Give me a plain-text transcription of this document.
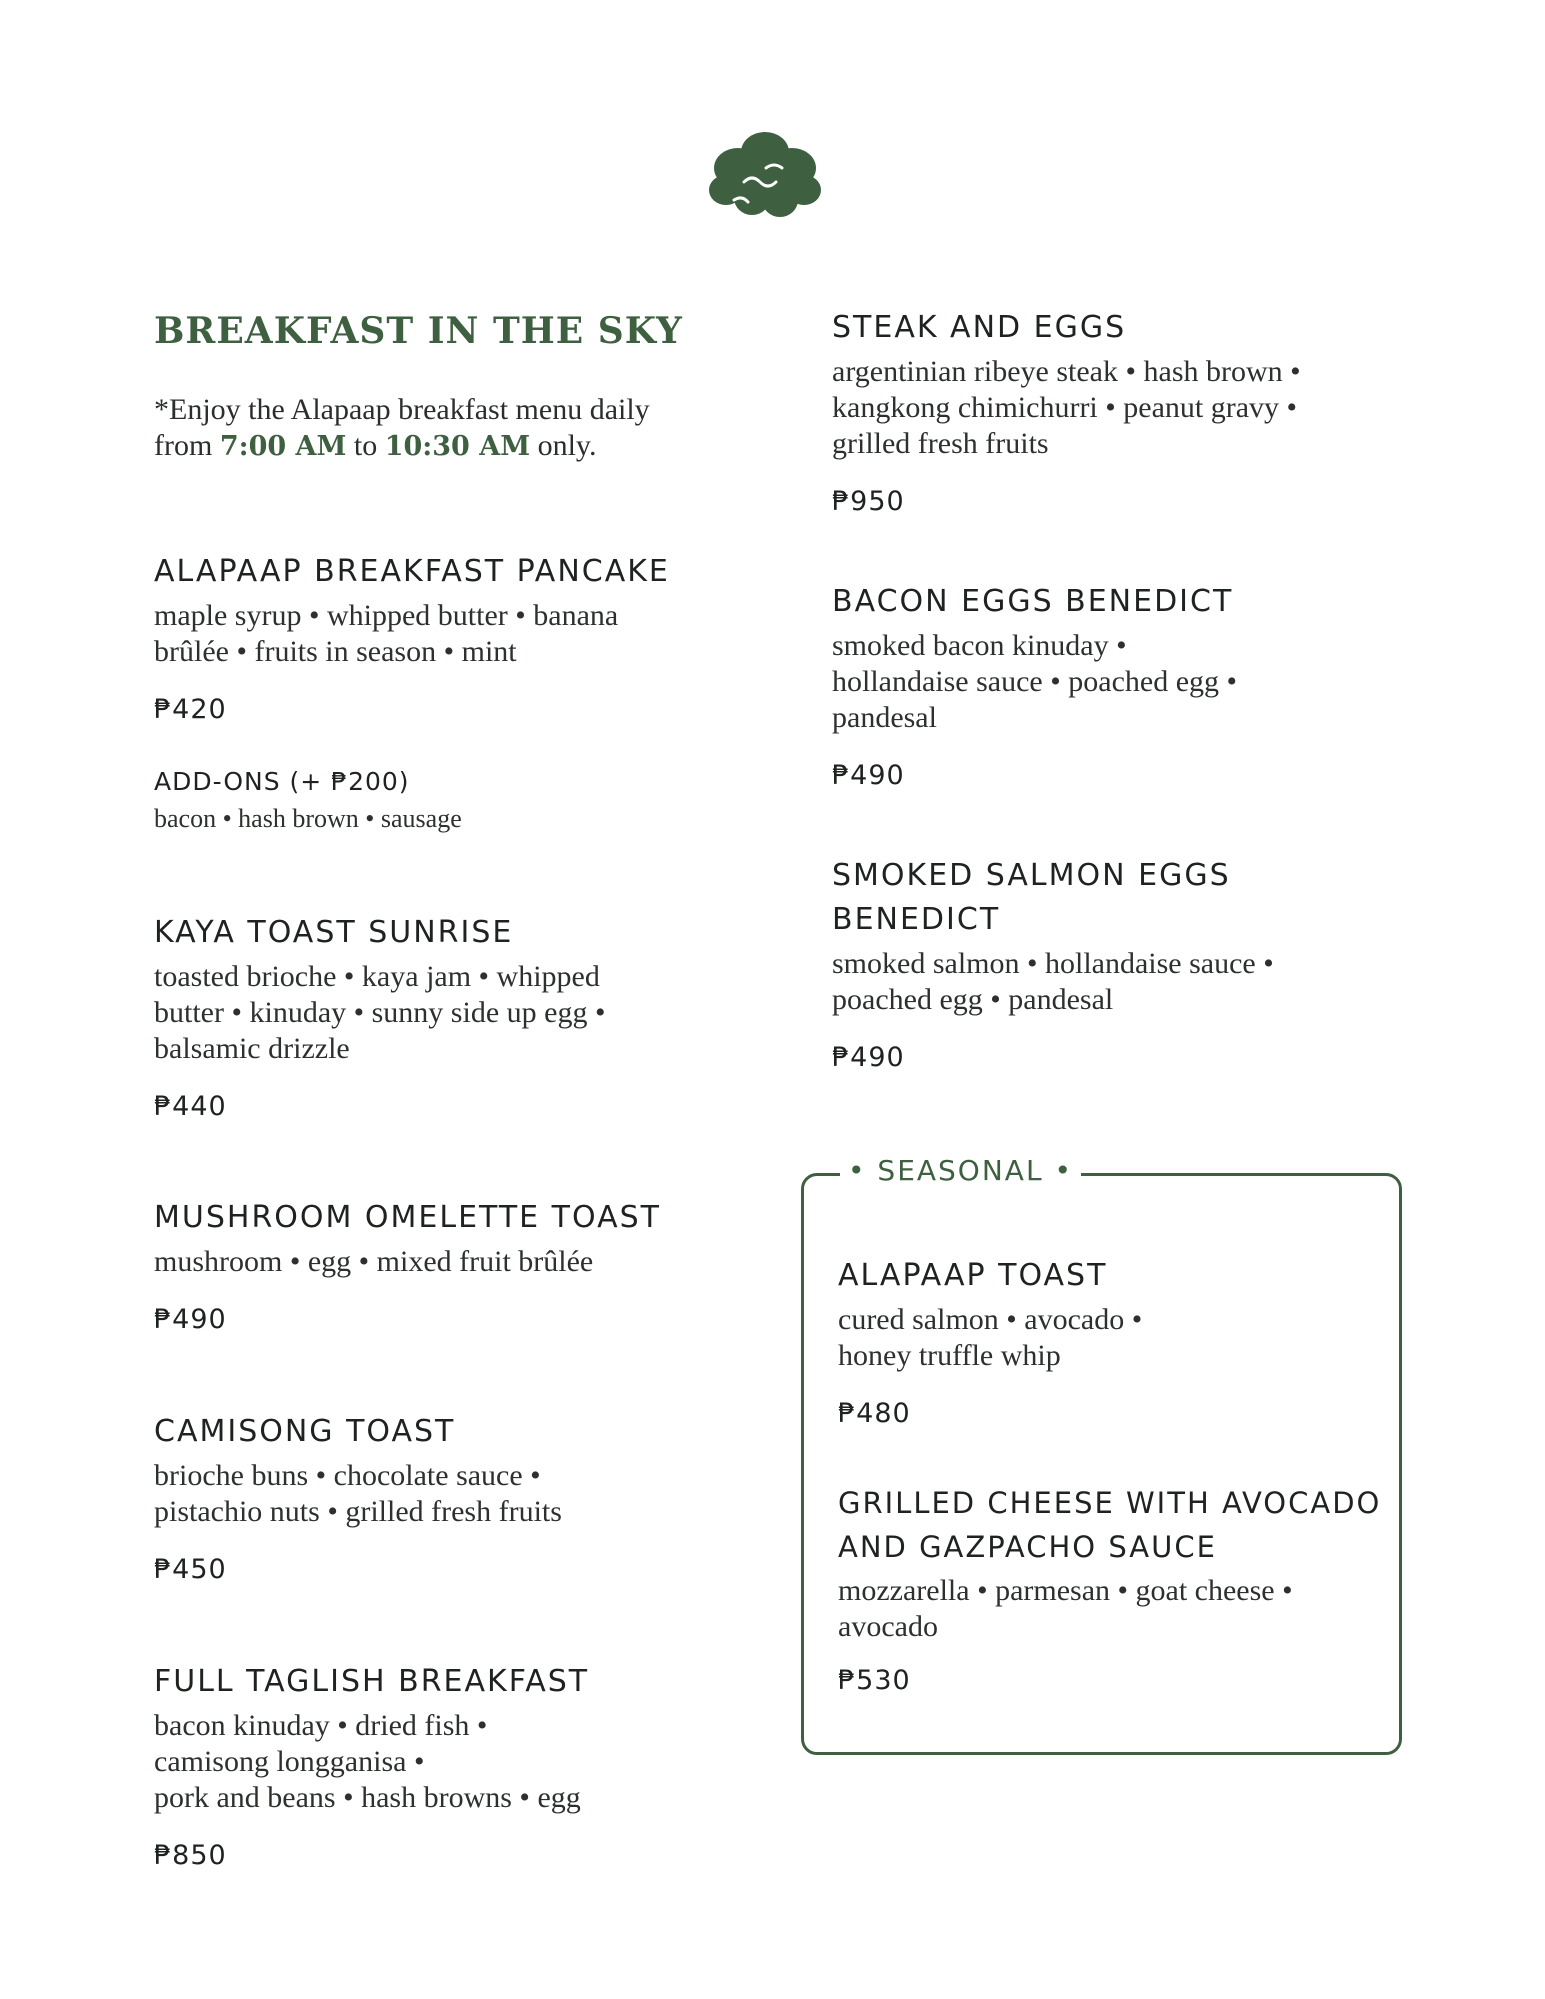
BREAKFAST IN THE SKY

*Enjoy the Alapaap breakfast menu daily from 7:00 AM to 10:30 AM only.

ALAPAAP BREAKFAST PANCAKE

maple syrup • whipped butter • banana brûlée • fruits in season • mint

₱420

ADD-ONS (+ ₱200)

bacon • hash brown • sausage

KAYA TOAST SUNRISE

toasted brioche • kaya jam • whipped butter • kinuday • sunny side up egg • balsamic drizzle

₱440

MUSHROOM OMELETTE TOAST

mushroom • egg • mixed fruit brûlée

₱490

CAMISONG TOAST

brioche buns • chocolate sauce • pistachio nuts • grilled fresh fruits

₱450

FULL TAGLISH BREAKFAST

bacon kinuday • dried fish •
camisong longganisa •
pork and beans • hash browns • egg

₱850

STEAK AND EGGS

argentinian ribeye steak • hash brown •
kangkong chimichurri • peanut gravy •
grilled fresh fruits

₱950

BACON EGGS BENEDICT

smoked bacon kinuday •
hollandaise sauce • poached egg •
pandesal

₱490

SMOKED SALMON EGGS
BENEDICT

smoked salmon • hollandaise sauce •
poached egg • pandesal

₱490

• SEASONAL •

ALAPAAP TOAST

cured salmon • avocado •
honey truffle whip

₱480

GRILLED CHEESE WITH AVOCADO
AND GAZPACHO SAUCE

mozzarella • parmesan • goat cheese •
avocado

₱530
